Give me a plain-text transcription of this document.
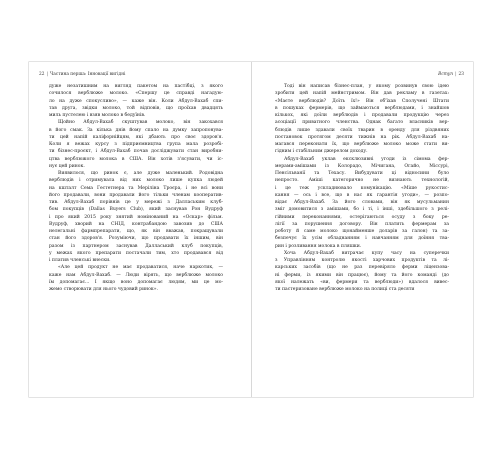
22 | Частина перша: Інновації вигідні
дуже незатишним на вигляд пакетом на пастібці, з якого
сочилося верблюже молоко. «Спершу це справді нагадую-
ло на дуже спокусливо», — каже він. Коли Абдул-Вахаб спи-
тав друга, звідки молоко, той відповів, що проїхав двадцять
миль пустелею і взяв молоко в бедуїнів.
Щойно Абдул-Вахаб скуштував молоко, він закохався
в його смак. За кілька днів йому спало на думку запропонува-
ти цей напій каліфорнійцям, які дбають про своє здоров'я.
Коли я вежах курсу з підприємництва група мала розробі-
ти бізнес-проєкт, і Абдул-Вахаб почав досліджувати стан виробни-
цтва верблюжого молока в США. Він хотів з'ясувати, чи іс-
нує цей ринок.
Виявилося, що ринок є, але дуже маленький. Родовідна
верблюдів і отримувала від них молоко лише купка людей
на кшталт Сема Гестетнера та Меріліна Троєра, і не всі вони
його продавали, вони продавали його тільки членам кооператив-
тив. Абдул-Вахаб порівнів це у мережі з Даллаським клуб-
бом покупців (Dallas Buyers Club), який заснував Рон Вудруф
і про який 2015 року знятий номінований на «Оскар» фільм.
Вудруф, хворий на СНІД, контрабандою завозив до США
нелегальні фармпрепарати, що, як він вважав, покращували
стан його здоров'я. Розуміючи, що продавати їх іншим, він
разом із партнером заснував Далласький клуб покупців,
у межах якого препарати постачали тим, хто продавався від
і платив членські внески.
«Але цей продукт не має продаватися, наче наркотик, —
каже нам Абдул-Вахаб. — Люди вірять, що верблюже молоко
їм допомагає... І якщо воно допомагає людям, ми це мо-
жемо створювати для нього чудовий ринок».
Вступ | 23
Тоді він написав бізнес-план, у якому розвинув свою ідею
зробити цей напій мейнстримом. Він дав рекламу в газетах:
«Маєте верблюдів? Доїть їх!» Він об'їхав Сполучені Штати
в пошуках фермерів, що займаються верблюдами, і знайшов
кількох, які доїли верблюдів і продавали продукцію через
асоціації приватного членства. Однак багато власників вер-
блюдів лише здавали своїх тварин в оренду для різдвяних
постановок протягом десяти тижнів на рік. Абдул-Вахаб на-
магався переконати їх, що верблюже молоко може стати ви-
гідним і стабільним джерелом доходу.
Абдул-Вахаб уклав ексклюзивні угоди із сімома фер-
мерами-амішами із Колорадо, Мічигана, Огайо, Міссурі,
Пенсільванії та Техасу. Вибудувати ці відносини було
непросто. Аміші категорично не визнають технологій,
і це теж ускладнювало комунікацію. «Міше рукостис-
кання — ось і все, що в нас як гарантія угоди», — розпо-
відає Абдул-Вахаб. За його словами, він як мусульманин
зміг домовитися з амішами, бо і ті, і інші, здебільшого з релі-
гійними переконаннями, остерігаються осуду з боку ре-
лігії за порушення договору. Він платить фермерам за
роботу й саме молоко щонайменше доларів за галон) та за-
безпечує їх усім обладнанням і навчанням для доїння тва-
рин і розливання молока в пляшки.
Хоча Абдул-Вахаб витрачає купу часу на суперечки
з Управлінням контролю якості харчових продуктів та лі-
карських засобів (що не раз перевіряло ферми ліцензова-
ні ферми, із якими він працює), йому та його команді (до
якої належать «ви, фермери та верблюди») вдалося вивес-
ти пастеризоване верблюже молоко на полиці ста десяти
